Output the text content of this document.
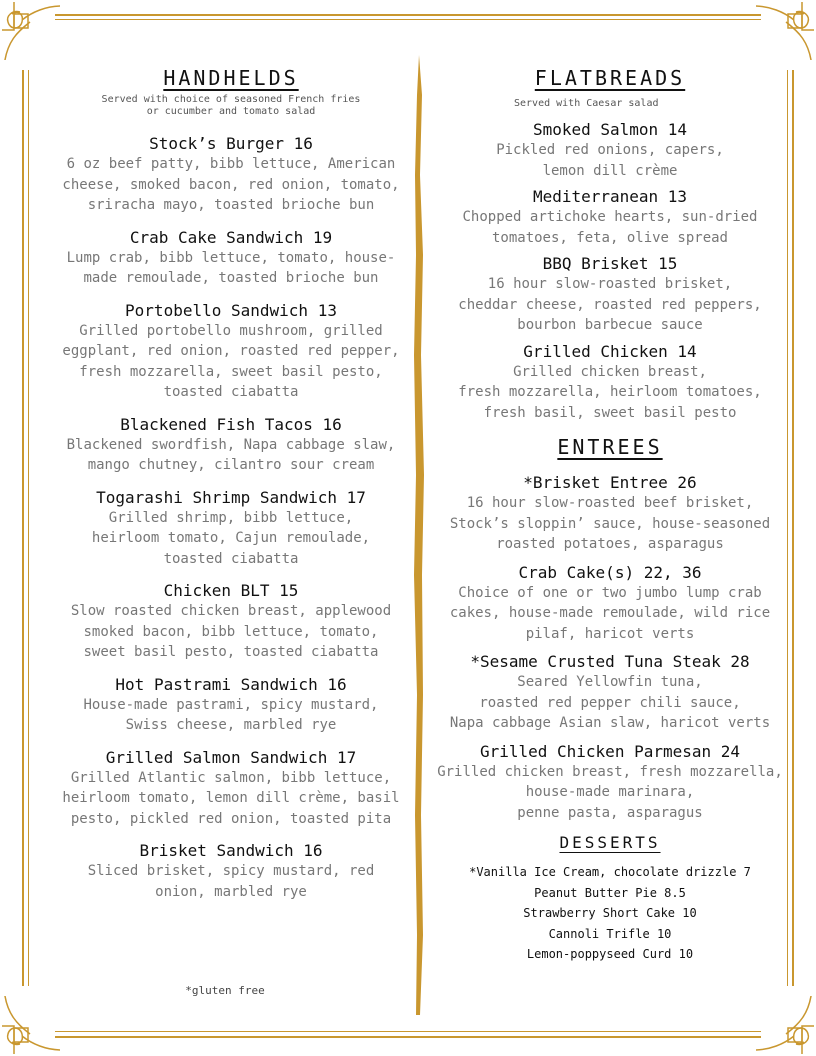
HANDHELDS

Served with choice of seasoned French fries
or cucumber and tomato salad

Stock’s Burger 16

6 oz beef patty, bibb lettuce, American
cheese, smoked bacon, red onion, tomato,
sriracha mayo, toasted brioche bun

Crab Cake Sandwich 19

Lump crab, bibb lettuce, tomato, house-
made remoulade, toasted brioche bun

Portobello Sandwich 13

Grilled portobello mushroom, grilled
eggplant, red onion, roasted red pepper,
fresh mozzarella, sweet basil pesto,
toasted ciabatta

Blackened Fish Tacos 16

Blackened swordfish, Napa cabbage slaw,
mango chutney, cilantro sour cream

Togarashi Shrimp Sandwich 17

Grilled shrimp, bibb lettuce,
heirloom tomato, Cajun remoulade,
toasted ciabatta

Chicken BLT 15

Slow roasted chicken breast, applewood
smoked bacon, bibb lettuce, tomato,
sweet basil pesto, toasted ciabatta

Hot Pastrami Sandwich 16

House-made pastrami, spicy mustard,
Swiss cheese, marbled rye

Grilled Salmon Sandwich 17

Grilled Atlantic salmon, bibb lettuce,
heirloom tomato, lemon dill crème, basil
pesto, pickled red onion, toasted pita

Brisket Sandwich 16

Sliced brisket, spicy mustard, red
onion, marbled rye

*gluten free
FLATBREADS

Served with Caesar salad

Smoked Salmon 14

Pickled red onions, capers,
lemon dill crème

Mediterranean 13

Chopped artichoke hearts, sun-dried
tomatoes, feta, olive spread

BBQ Brisket 15

16 hour slow-roasted brisket,
cheddar cheese, roasted red peppers,
bourbon barbecue sauce

Grilled Chicken 14

Grilled chicken breast,
fresh mozzarella, heirloom tomatoes,
fresh basil, sweet basil pesto

ENTREES

*Brisket Entree 26

16 hour slow-roasted beef brisket,
Stock’s sloppin’ sauce, house-seasoned
roasted potatoes, asparagus

Crab Cake(s) 22, 36

Choice of one or two jumbo lump crab
cakes, house-made remoulade, wild rice
pilaf, haricot verts

*Sesame Crusted Tuna Steak 28

Seared Yellowfin tuna,
roasted red pepper chili sauce,
Napa cabbage Asian slaw, haricot verts

Grilled Chicken Parmesan 24

Grilled chicken breast, fresh mozzarella,
house-made marinara,
penne pasta, asparagus

DESSERTS
*Vanilla Ice Cream, chocolate drizzle 7
Peanut Butter Pie 8.5
Strawberry Short Cake 10
Cannoli Trifle 10
Lemon-poppyseed Curd 10
